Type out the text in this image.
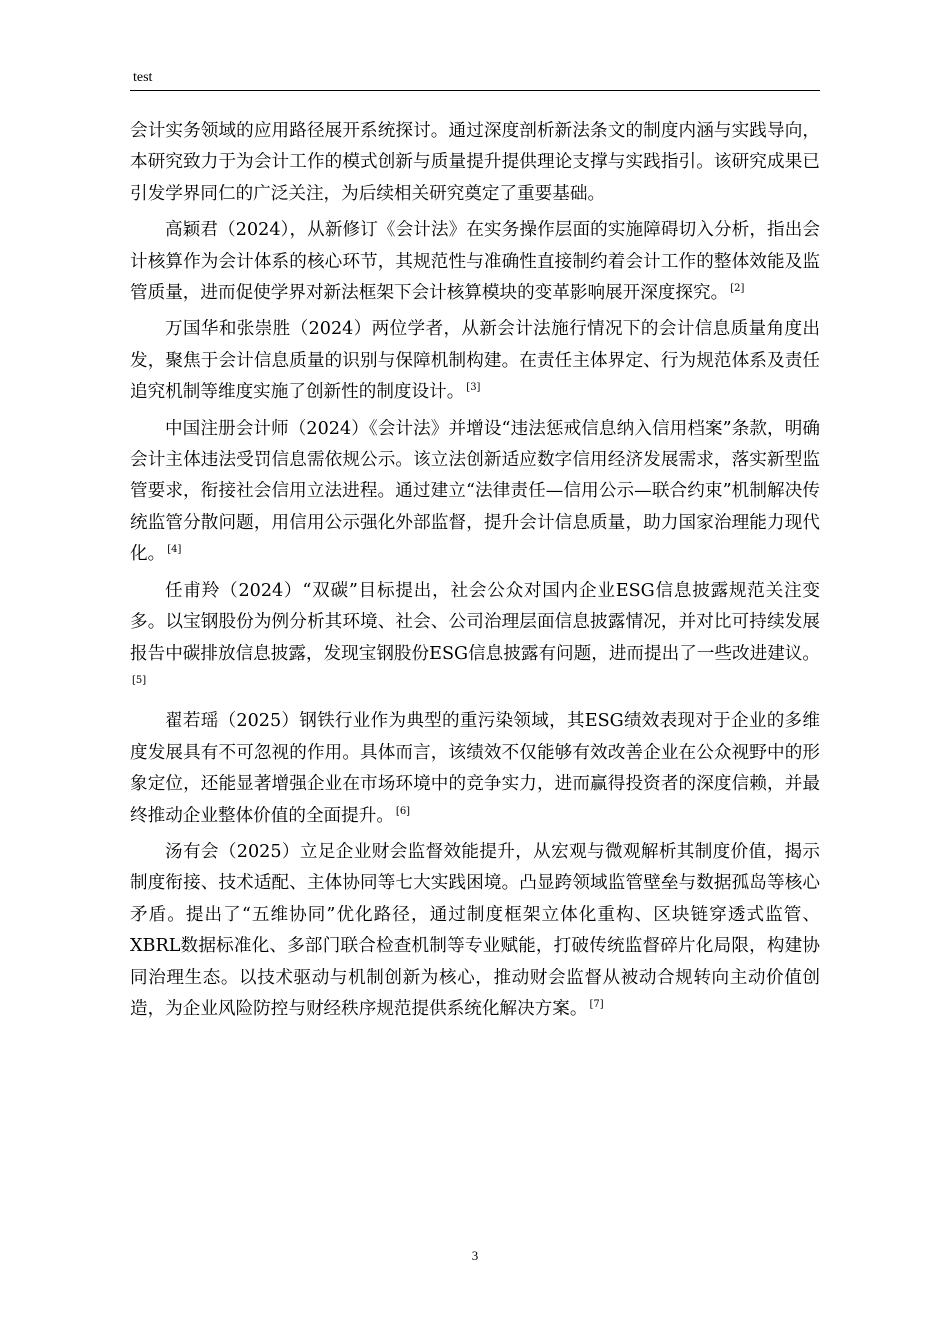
test

会计实务领域的应用路径展开系统探讨。通过深度剖析新法条文的制度内涵与实践导向，本研究致力于为会计工作的模式创新与质量提升提供理论支撑与实践指引。该研究成果已引发学界同仁的广泛关注，为后续相关研究奠定了重要基础。

高颖君（2024），从新修订《会计法》在实务操作层面的实施障碍切入分析，指出会计核算作为会计体系的核心环节，其规范性与准确性直接制约着会计工作的整体效能及监管质量，进而促使学界对新法框架下会计核算模块的变革影响展开深度探究。 [2]

万国华和张崇胜（2024）两位学者，从新会计法施行情况下的会计信息质量角度出发，聚焦于会计信息质量的识别与保障机制构建。在责任主体界定、行为规范体系及责任追究机制等维度实施了创新性的制度设计。 [3]

中国注册会计师（2024）《会计法》并增设“违法惩戒信息纳入信用档案”条款，明确会计主体违法受罚信息需依规公示。该立法创新适应数字信用经济发展需求，落实新型监管要求，衔接社会信用立法进程。通过建立“法律责任—信用公示—联合约束”机制解决传统监管分散问题，用信用公示强化外部监督，提升会计信息质量，助力国家治理能力现代化。 [4]

任甫羚（2024）“双碳”目标提出，社会公众对国内企业ESG信息披露规范关注变多。以宝钢股份为例分析其环境、社会、公司治理层面信息披露情况，并对比可持续发展报告中碳排放信息披露，发现宝钢股份ESG信息披露有问题，进而提出了一些改进建议。[5]

翟若瑶（2025）钢铁行业作为典型的重污染领域，其ESG绩效表现对于企业的多维度发展具有不可忽视的作用。具体而言，该绩效不仅能够有效改善企业在公众视野中的形象定位，还能显著增强企业在市场环境中的竞争实力，进而赢得投资者的深度信赖，并最终推动企业整体价值的全面提升。 [6]

汤有会（2025）立足企业财会监督效能提升，从宏观与微观解析其制度价值，揭示制度衔接、技术适配、主体协同等七大实践困境。凸显跨领域监管壁垒与数据孤岛等核心矛盾。提出了“五维协同”优化路径，通过制度框架立体化重构、区块链穿透式监管、XBRL数据标准化、多部门联合检查机制等专业赋能，打破传统监督碎片化局限，构建协同治理生态。以技术驱动与机制创新为核心，推动财会监督从被动合规转向主动价值创造，为企业风险防控与财经秩序规范提供系统化解决方案。 [7]

3
